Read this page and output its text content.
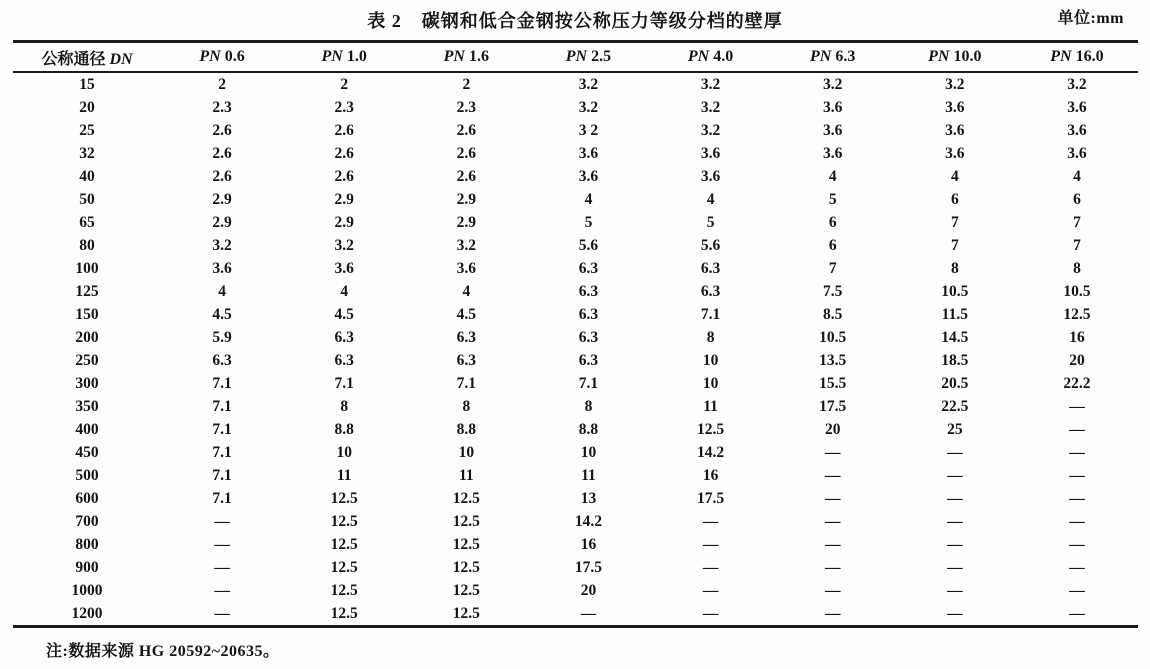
表 2 碳钢和低合金钢按公称压力等级分档的壁厚	单位:mm
公称通径 DN	PN 0.6	PN 1.0	PN 1.6	PN 2.5	PN 4.0	PN 6.3	PN 10.0	PN 16.0
15	2	2	2	3.2	3.2	3.2	3.2	3.2
20	2.3	2.3	2.3	3.2	3.2	3.6	3.6	3.6
25	2.6	2.6	2.6	3 2	3.2	3.6	3.6	3.6
32	2.6	2.6	2.6	3.6	3.6	3.6	3.6	3.6
40	2.6	2.6	2.6	3.6	3.6	4	4	4
50	2.9	2.9	2.9	4	4	5	6	6
65	2.9	2.9	2.9	5	5	6	7	7
80	3.2	3.2	3.2	5.6	5.6	6	7	7
100	3.6	3.6	3.6	6.3	6.3	7	8	8
125	4	4	4	6.3	6.3	7.5	10.5	10.5
150	4.5	4.5	4.5	6.3	7.1	8.5	11.5	12.5
200	5.9	6.3	6.3	6.3	8	10.5	14.5	16
250	6.3	6.3	6.3	6.3	10	13.5	18.5	20
300	7.1	7.1	7.1	7.1	10	15.5	20.5	22.2
350	7.1	8	8	8	11	17.5	22.5	—
400	7.1	8.8	8.8	8.8	12.5	20	25	—
450	7.1	10	10	10	14.2	—	—	—
500	7.1	11	11	11	16	—	—	—
600	7.1	12.5	12.5	13	17.5	—	—	—
700	—	12.5	12.5	14.2	—	—	—	—
800	—	12.5	12.5	16	—	—	—	—
900	—	12.5	12.5	17.5	—	—	—	—
1000	—	12.5	12.5	20	—	—	—	—
1200	—	12.5	12.5	—	—	—	—	—
注:数据来源 HG 20592~20635。
